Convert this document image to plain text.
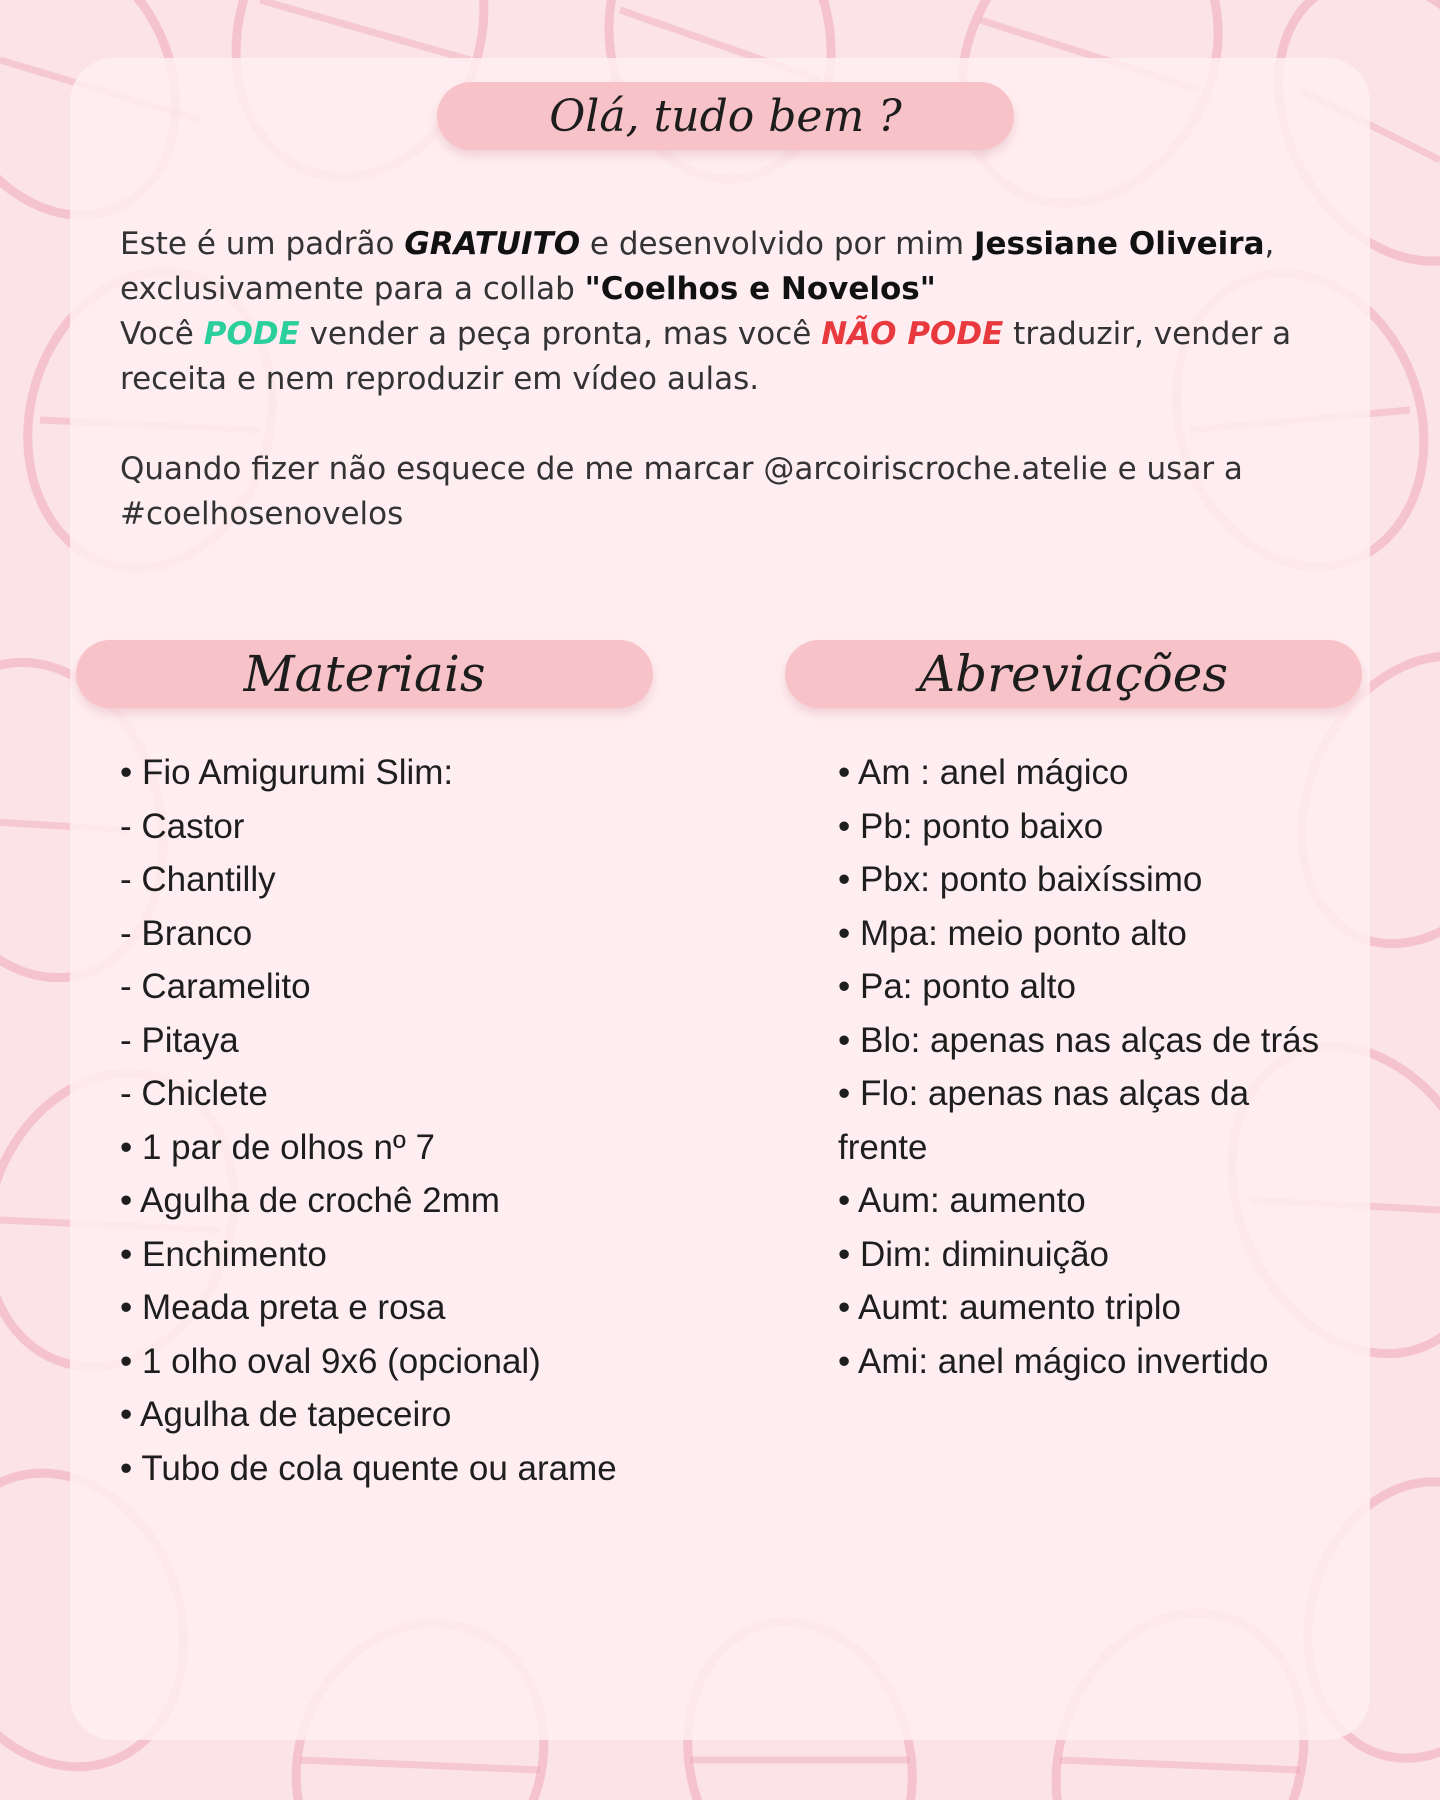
Olá, tudo bem ?

Este é um padrão GRATUITO e desenvolvido por mim Jessiane Oliveira, exclusivamente para a collab "Coelhos e Novelos"
Você PODE vender a peça pronta, mas você NÃO PODE traduzir, vender a receita e nem reproduzir em vídeo aulas.

Quando fizer não esquece de me marcar @arcoiriscroche.atelie e usar a #coelhosenovelos

Materiais	Abreviações
• Fio Amigurumi Slim:
- Castor
- Chantilly
- Branco
- Caramelito
- Pitaya
- Chiclete
• 1 par de olhos nº 7
• Agulha de crochê 2mm
• Enchimento
• Meada preta e rosa
• 1 olho oval 9x6 (opcional)
• Agulha de tapeceiro
• Tubo de cola quente ou arame
• Am : anel mágico
• Pb: ponto baixo
• Pbx: ponto baixíssimo
• Mpa: meio ponto alto
• Pa: ponto alto
• Blo: apenas nas alças de trás
• Flo: apenas nas alças da frente
• Aum: aumento
• Dim: diminuição
• Aumt: aumento triplo
• Ami: anel mágico invertido
